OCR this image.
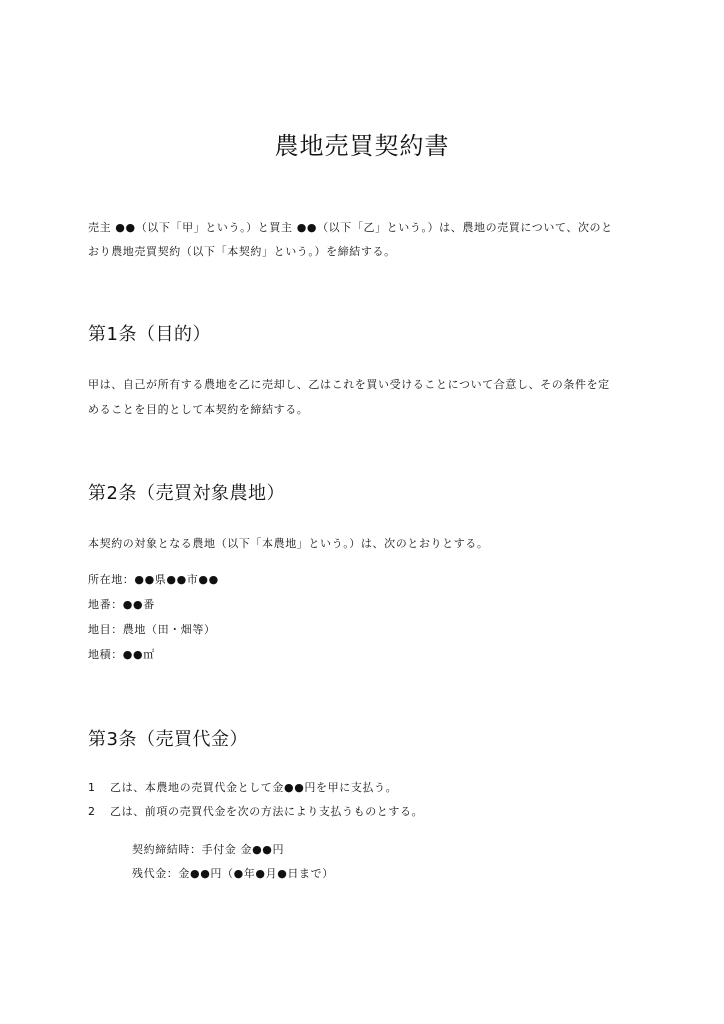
農地売買契約書
売主 ●●（以下「甲」という。）と買主 ●●（以下「乙」という。）は、農地の売買について、次のと
おり農地売買契約（以下「本契約」という。）を締結する。
第1条（目的）
甲は、自己が所有する農地を乙に売却し、乙はこれを買い受けることについて合意し、その条件を定
めることを目的として本契約を締結する。
第2条（売買対象農地）
本契約の対象となる農地（以下「本農地」という。）は、次のとおりとする。
所在地：●●県●●市●●
地番：●●番
地目：農地（田・畑等）
地積：●●㎡
第3条（売買代金）
1 乙は、本農地の売買代金として金●●円を甲に支払う。
2 乙は、前項の売買代金を次の方法により支払うものとする。
契約締結時：手付金 金●●円
残代金：金●●円（●年●月●日まで）
